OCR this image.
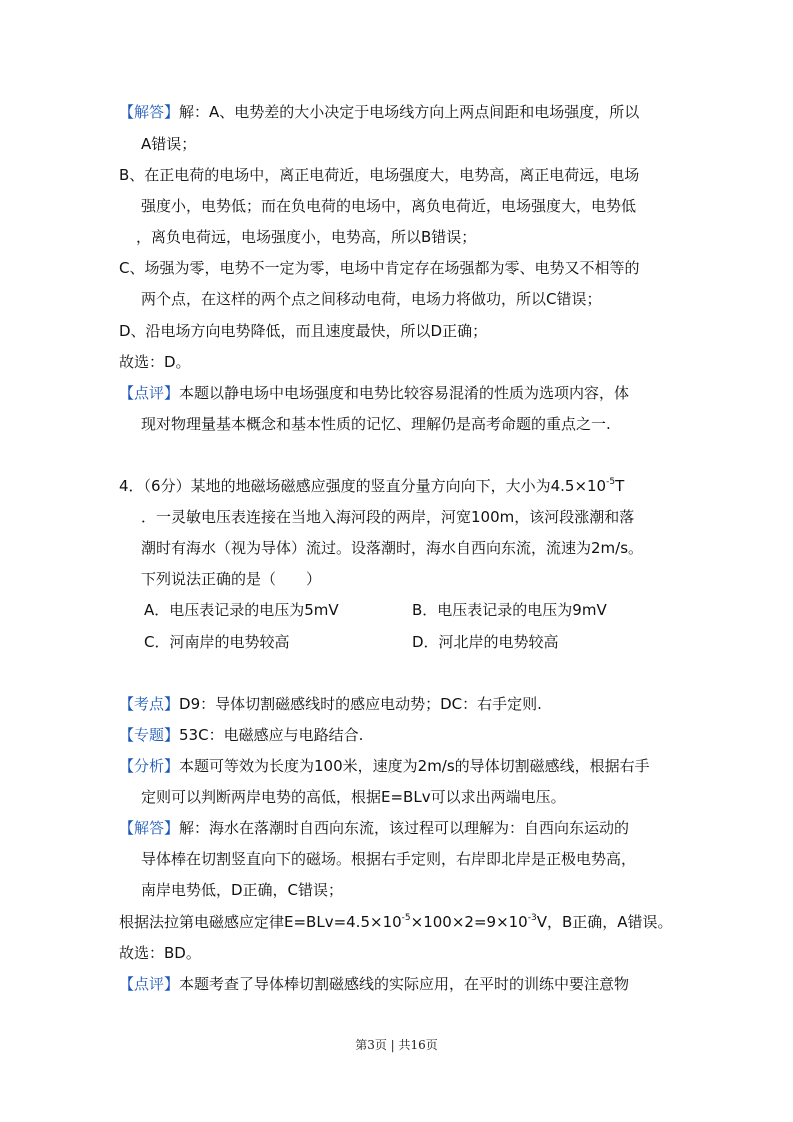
【解答】解：A、电势差的大小决定于电场线方向上两点间距和电场强度，所以
A错误；
B、在正电荷的电场中，离正电荷近，电场强度大，电势高，离正电荷远，电场
强度小，电势低；而在负电荷的电场中，离负电荷近，电场强度大，电势低
，离负电荷远，电场强度小，电势高，所以B错误；
C、场强为零，电势不一定为零，电场中肯定存在场强都为零、电势又不相等的
两个点，在这样的两个点之间移动电荷，电场力将做功，所以C错误；
D、沿电场方向电势降低，而且速度最快，所以D正确；
故选：D。
【点评】本题以静电场中电场强度和电势比较容易混淆的性质为选项内容，体
现对物理量基本概念和基本性质的记忆、理解仍是高考命题的重点之一.
4．（6分）某地的地磁场磁感应强度的竖直分量方向向下，大小为$4.5\times 10^{-5}T$
．一灵敏电压表连接在当地入海河段的两岸，河宽100m，该河段涨潮和落
潮时有海水（视为导体）流过。设落潮时，海水自西向东流，流速为2m/s。
下列说法正确的是（　　）
A．电压表记录的电压为5mV	B．电压表记录的电压为9mV
C．河南岸的电势较高	D．河北岸的电势较高
【考点】D9：导体切割磁感线时的感应电动势；DC：右手定则.
【专题】53C：电磁感应与电路结合.
【分析】本题可等效为长度为100米，速度为2m/s的导体切割磁感线，根据右手
定则可以判断两岸电势的高低，根据E=BLv可以求出两端电压。
【解答】解：海水在落潮时自西向东流，该过程可以理解为：自西向东运动的
导体棒在切割竖直向下的磁场。根据右手定则，右岸即北岸是正极电势高，
南岸电势低，D正确，C错误；
根据法拉第电磁感应定律$E=BLv=4.5\times 10^{-5}\times 100\times 2=9\times 10^{-3}V$，B正确，A错误。
故选：BD。
【点评】本题考查了导体棒切割磁感线的实际应用，在平时的训练中要注意物
第3页 | 共16页
